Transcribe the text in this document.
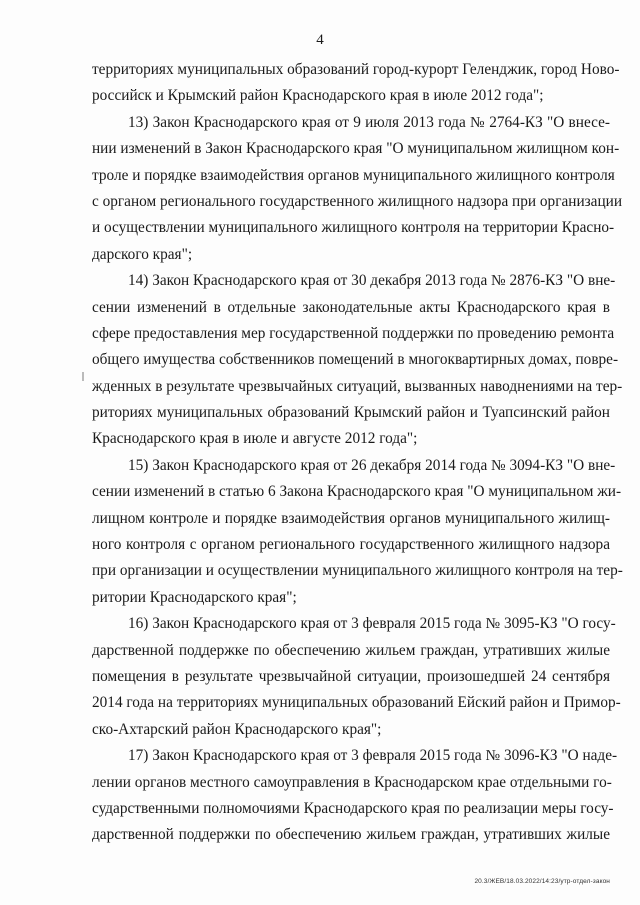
4
территориях муниципальных образований город-курорт Геленджик, город Ново-
российск и Крымский район Краснодарского края в июле 2012 года";
13) Закон Краснодарского края от 9 июля 2013 года № 2764-КЗ "О внесе-
нии изменений в Закон Краснодарского края "О муниципальном жилищном кон-
троле и порядке взаимодействия органов муниципального жилищного контроля
с органом регионального государственного жилищного надзора при организации
и осуществлении муниципального жилищного контроля на территории Красно-
дарского края";
14) Закон Краснодарского края от 30 декабря 2013 года № 2876-КЗ "О вне-
сении изменений в отдельные законодательные акты Краснодарского края в
сфере предоставления мер государственной поддержки по проведению ремонта
общего имущества собственников помещений в многоквартирных домах, повре-
жденных в результате чрезвычайных ситуаций, вызванных наводнениями на тер-
риториях муниципальных образований Крымский район и Туапсинский район
Краснодарского края в июле и августе 2012 года";
15) Закон Краснодарского края от 26 декабря 2014 года № 3094-КЗ "О вне-
сении изменений в статью 6 Закона Краснодарского края "О муниципальном жи-
лищном контроле и порядке взаимодействия органов муниципального жилищ-
ного контроля с органом регионального государственного жилищного надзора
при организации и осуществлении муниципального жилищного контроля на тер-
ритории Краснодарского края";
16) Закон Краснодарского края от 3 февраля 2015 года № 3095-КЗ "О госу-
дарственной поддержке по обеспечению жильем граждан, утративших жилые
помещения в результате чрезвычайной ситуации, произошедшей 24 сентября
2014 года на территориях муниципальных образований Ейский район и Примор-
ско-Ахтарский район Краснодарского края";
17) Закон Краснодарского края от 3 февраля 2015 года № 3096-КЗ "О наде-
лении органов местного самоуправления в Краснодарском крае отдельными го-
сударственными полномочиями Краснодарского края по реализации меры госу-
дарственной поддержки по обеспечению жильем граждан, утративших жилые
20.3/ЖЕВ/18.03.2022/14:23/утр-отдел-закон
